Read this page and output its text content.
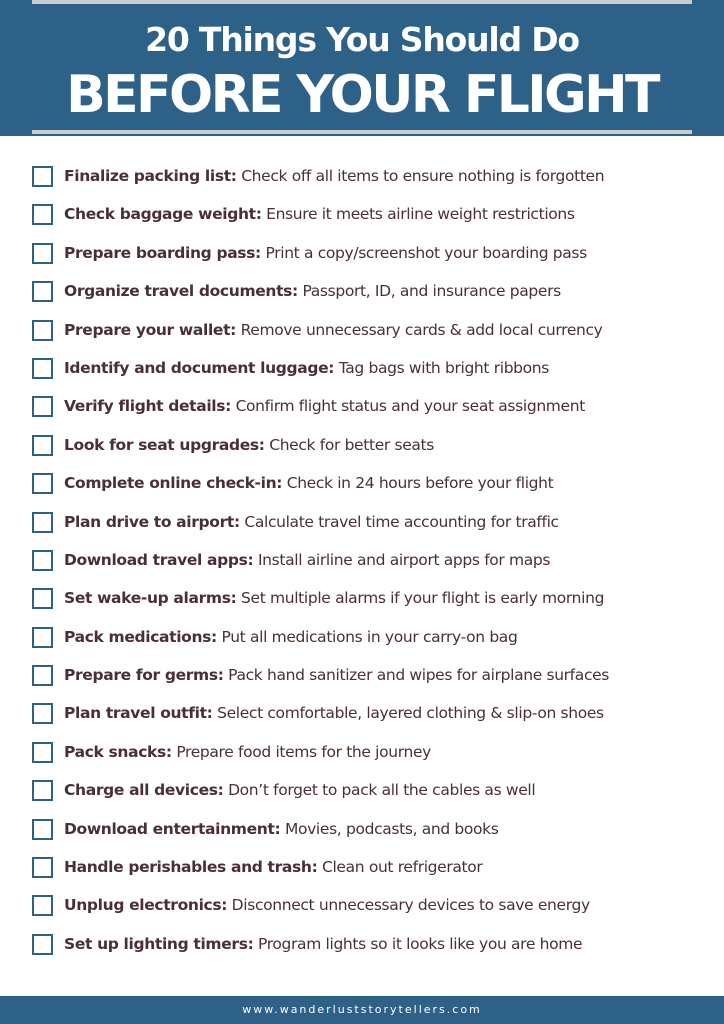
20 Things You Should Do
BEFORE YOUR FLIGHT
Finalize packing list: Check off all items to ensure nothing is forgotten
Check baggage weight: Ensure it meets airline weight restrictions
Prepare boarding pass: Print a copy/screenshot your boarding pass
Organize travel documents: Passport, ID, and insurance papers
Prepare your wallet: Remove unnecessary cards & add local currency
Identify and document luggage: Tag bags with bright ribbons
Verify flight details: Confirm flight status and your seat assignment
Look for seat upgrades: Check for better seats
Complete online check-in: Check in 24 hours before your flight
Plan drive to airport: Calculate travel time accounting for traffic
Download travel apps: Install airline and airport apps for maps
Set wake-up alarms: Set multiple alarms if your flight is early morning
Pack medications: Put all medications in your carry-on bag
Prepare for germs: Pack hand sanitizer and wipes for airplane surfaces
Plan travel outfit: Select comfortable, layered clothing & slip-on shoes
Pack snacks: Prepare food items for the journey
Charge all devices: Don’t forget to pack all the cables as well
Download entertainment: Movies, podcasts, and books
Handle perishables and trash: Clean out refrigerator
Unplug electronics: Disconnect unnecessary devices to save energy
Set up lighting timers: Program lights so it looks like you are home
www.wanderluststorytellers.com
